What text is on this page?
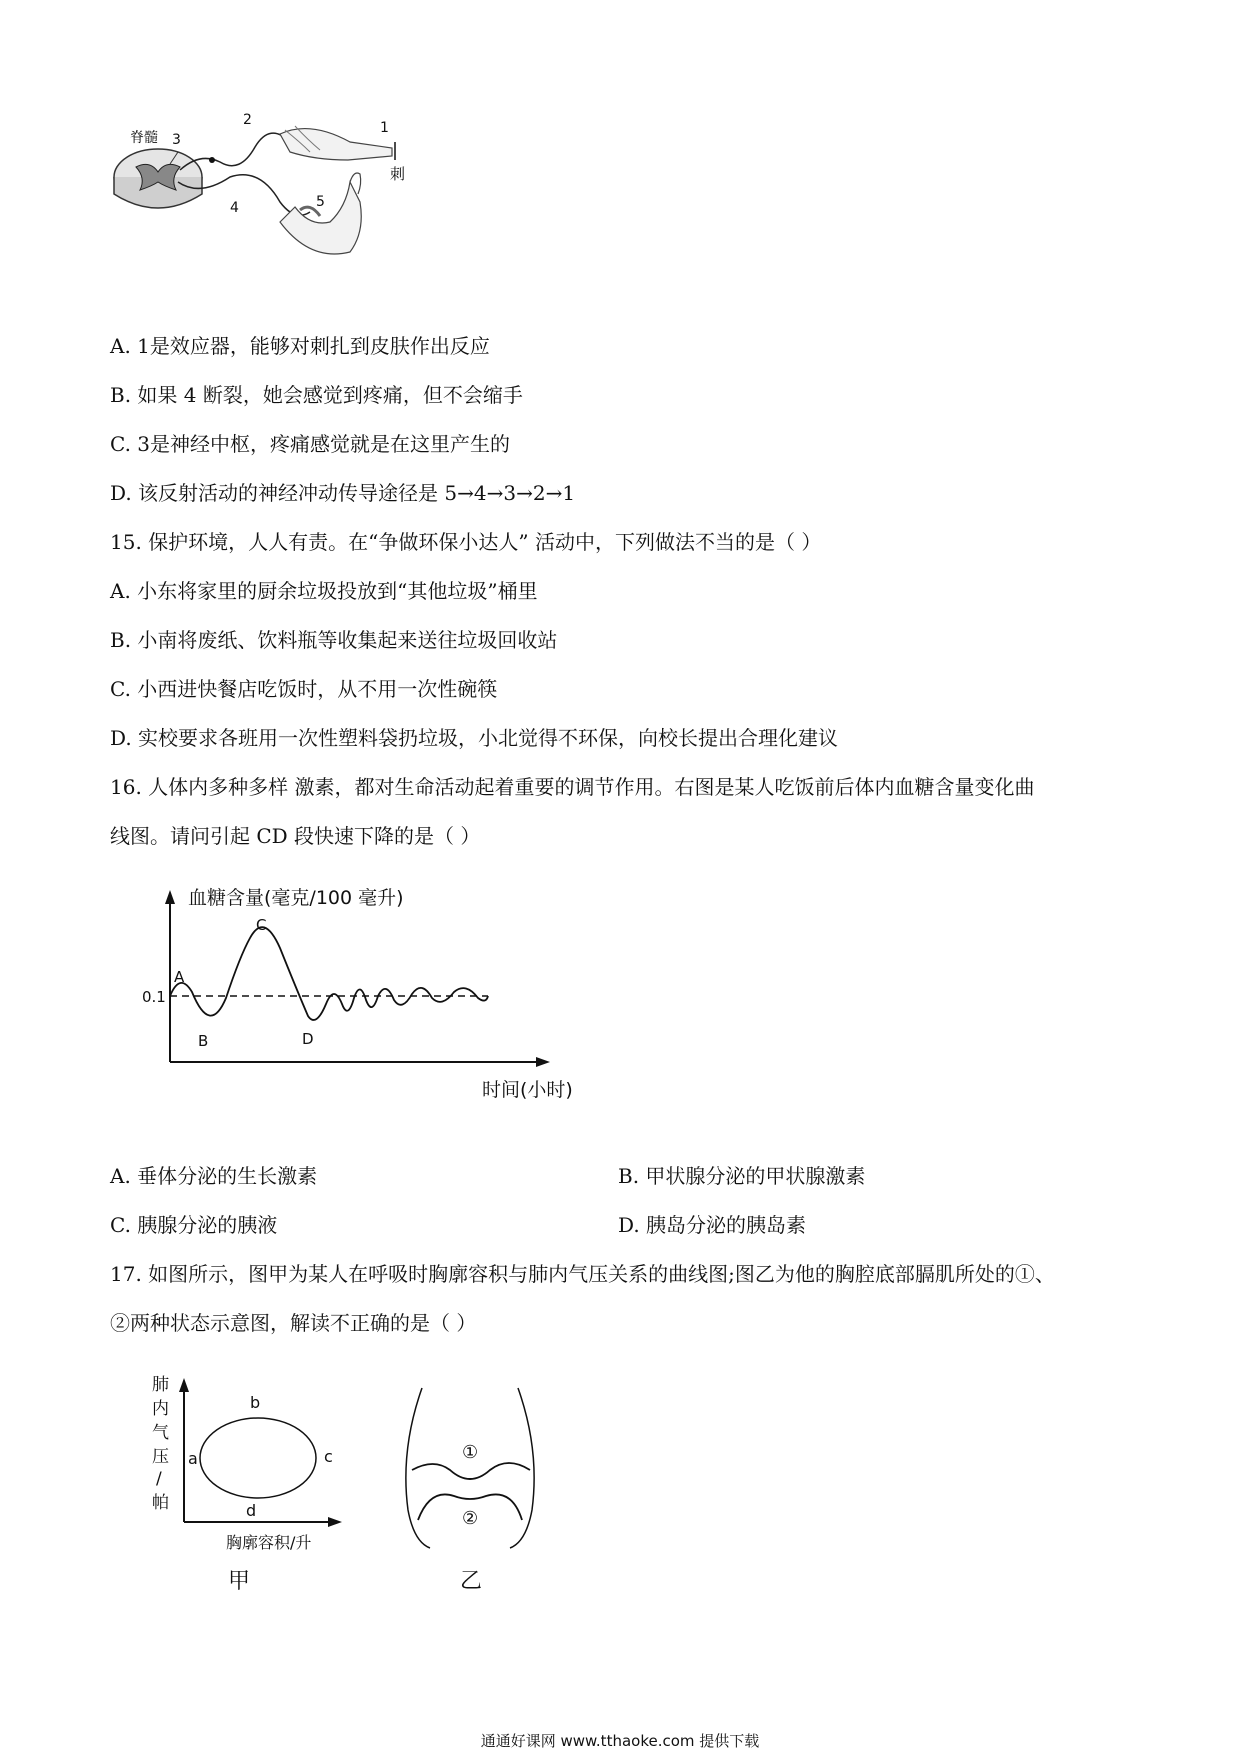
脊髓 3
1
2
4	5
刺
A. 1是效应器，能够对刺扎到皮肤作出反应
B. 如果 4 断裂，她会感觉到疼痛，但不会缩手
C. 3是神经中枢，疼痛感觉就是在这里产生的
D. 该反射活动的神经冲动传导途径是 5→4→3→2→1
15. 保护环境，人人有责。在“争做环保小达人” 活动中，下列做法不当的是（ ）
A. 小东将家里的厨余垃圾投放到“其他垃圾”桶里
B. 小南将废纸、饮料瓶等收集起来送往垃圾回收站
C. 小西进快餐店吃饭时，从不用一次性碗筷
D. 实校要求各班用一次性塑料袋扔垃圾，小北觉得不环保，向校长提出合理化建议
16. 人体内多种多样 激素，都对生命活动起着重要的调节作用。右图是某人吃饭前后体内血糖含量变化曲
线图。请问引起 CD 段快速下降的是（ ）
血糖含量(毫克/100 毫升)
时间(小时)
0.1
A
B
C
D
A. 垂体分泌的生长激素	B. 甲状腺分泌的甲状腺激素
C. 胰腺分泌的胰液	D. 胰岛分泌的胰岛素
17. 如图所示，图甲为某人在呼吸时胸廓容积与肺内气压关系的曲线图;图乙为他的胸腔底部膈肌所处的①、
②两种状态示意图，解读不正确的是（ ）
肺
内
气
压
/
帕
a
b
c
d
胸廓容积/升
甲
①
②
乙
通通好课网 www.tthaoke.com 提供下载
